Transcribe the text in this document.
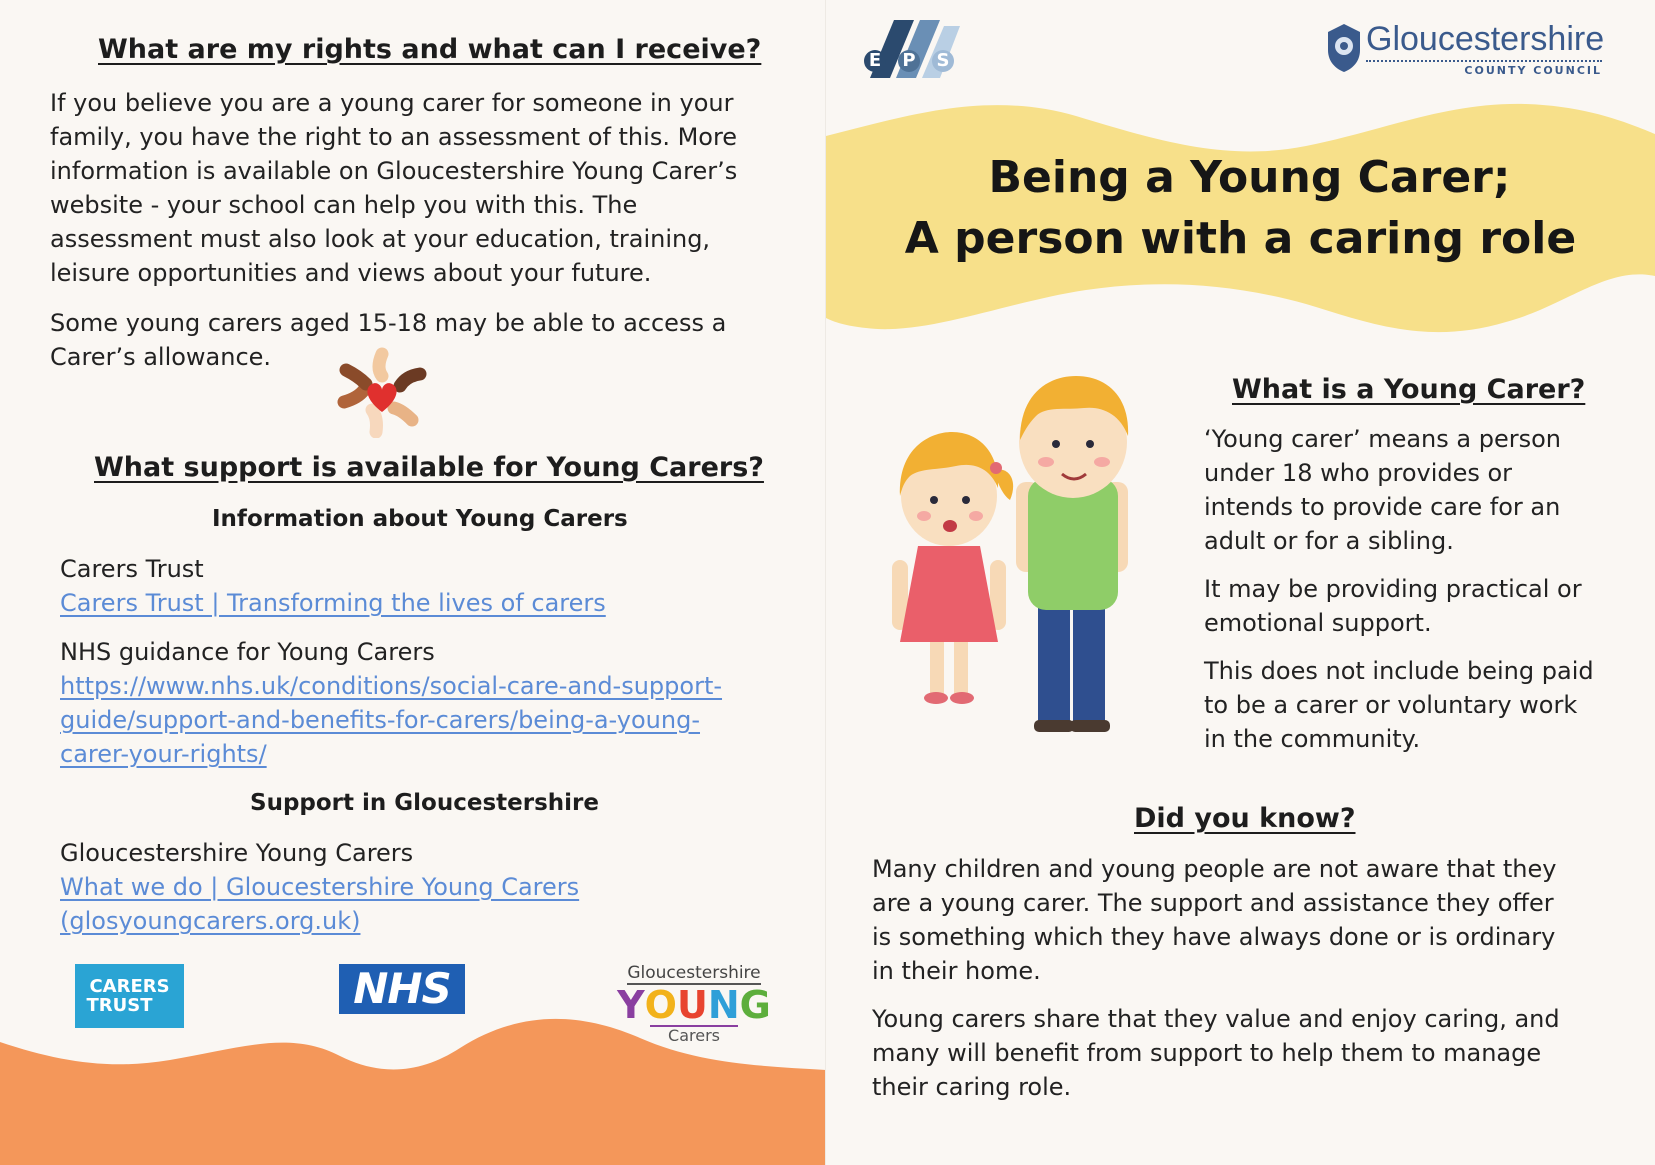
What are my rights and what can I receive?

If you believe you are a young carer for someone in your

family, you have the right to an assessment of this. More

information is available on Gloucestershire Young Carer’s

website - your school can help you with this. The

assessment must also look at your education, training,

leisure opportunities and views about your future.

Some young carers aged 15-18 may be able to access a

Carer’s allowance.

What support is available for Young Carers?
Information about Young Carers

Carers Trust

Carers Trust | Transforming the lives of carers

NHS guidance for Young Carers

https://www.nhs.uk/conditions/social-care-and-support-

guide/support-and-benefits-for-carers/being-a-young-

carer-your-rights/

Support in Gloucestershire

Gloucestershire Young Carers

What we do | Gloucestershire Young Carers

(glosyoungcarers.org.uk)

CARERS
TRUST	NHS	Gloucestershire
Y O U N G
Carers
E P S
Gloucestershire
COUNTY COUNCIL
Being a Young Carer;
A person with a caring role
What is a Young Carer?

‘Young carer’ means a person

under 18 who provides or

intends to provide care for an

adult or for a sibling.

It may be providing practical or

emotional support.

This does not include being paid

to be a carer or voluntary work

in the community.

Did you know?

Many children and young people are not aware that they

are a young carer. The support and assistance they offer

is something which they have always done or is ordinary

in their home.

Young carers share that they value and enjoy caring, and

many will benefit from support to help them to manage

their caring role.
